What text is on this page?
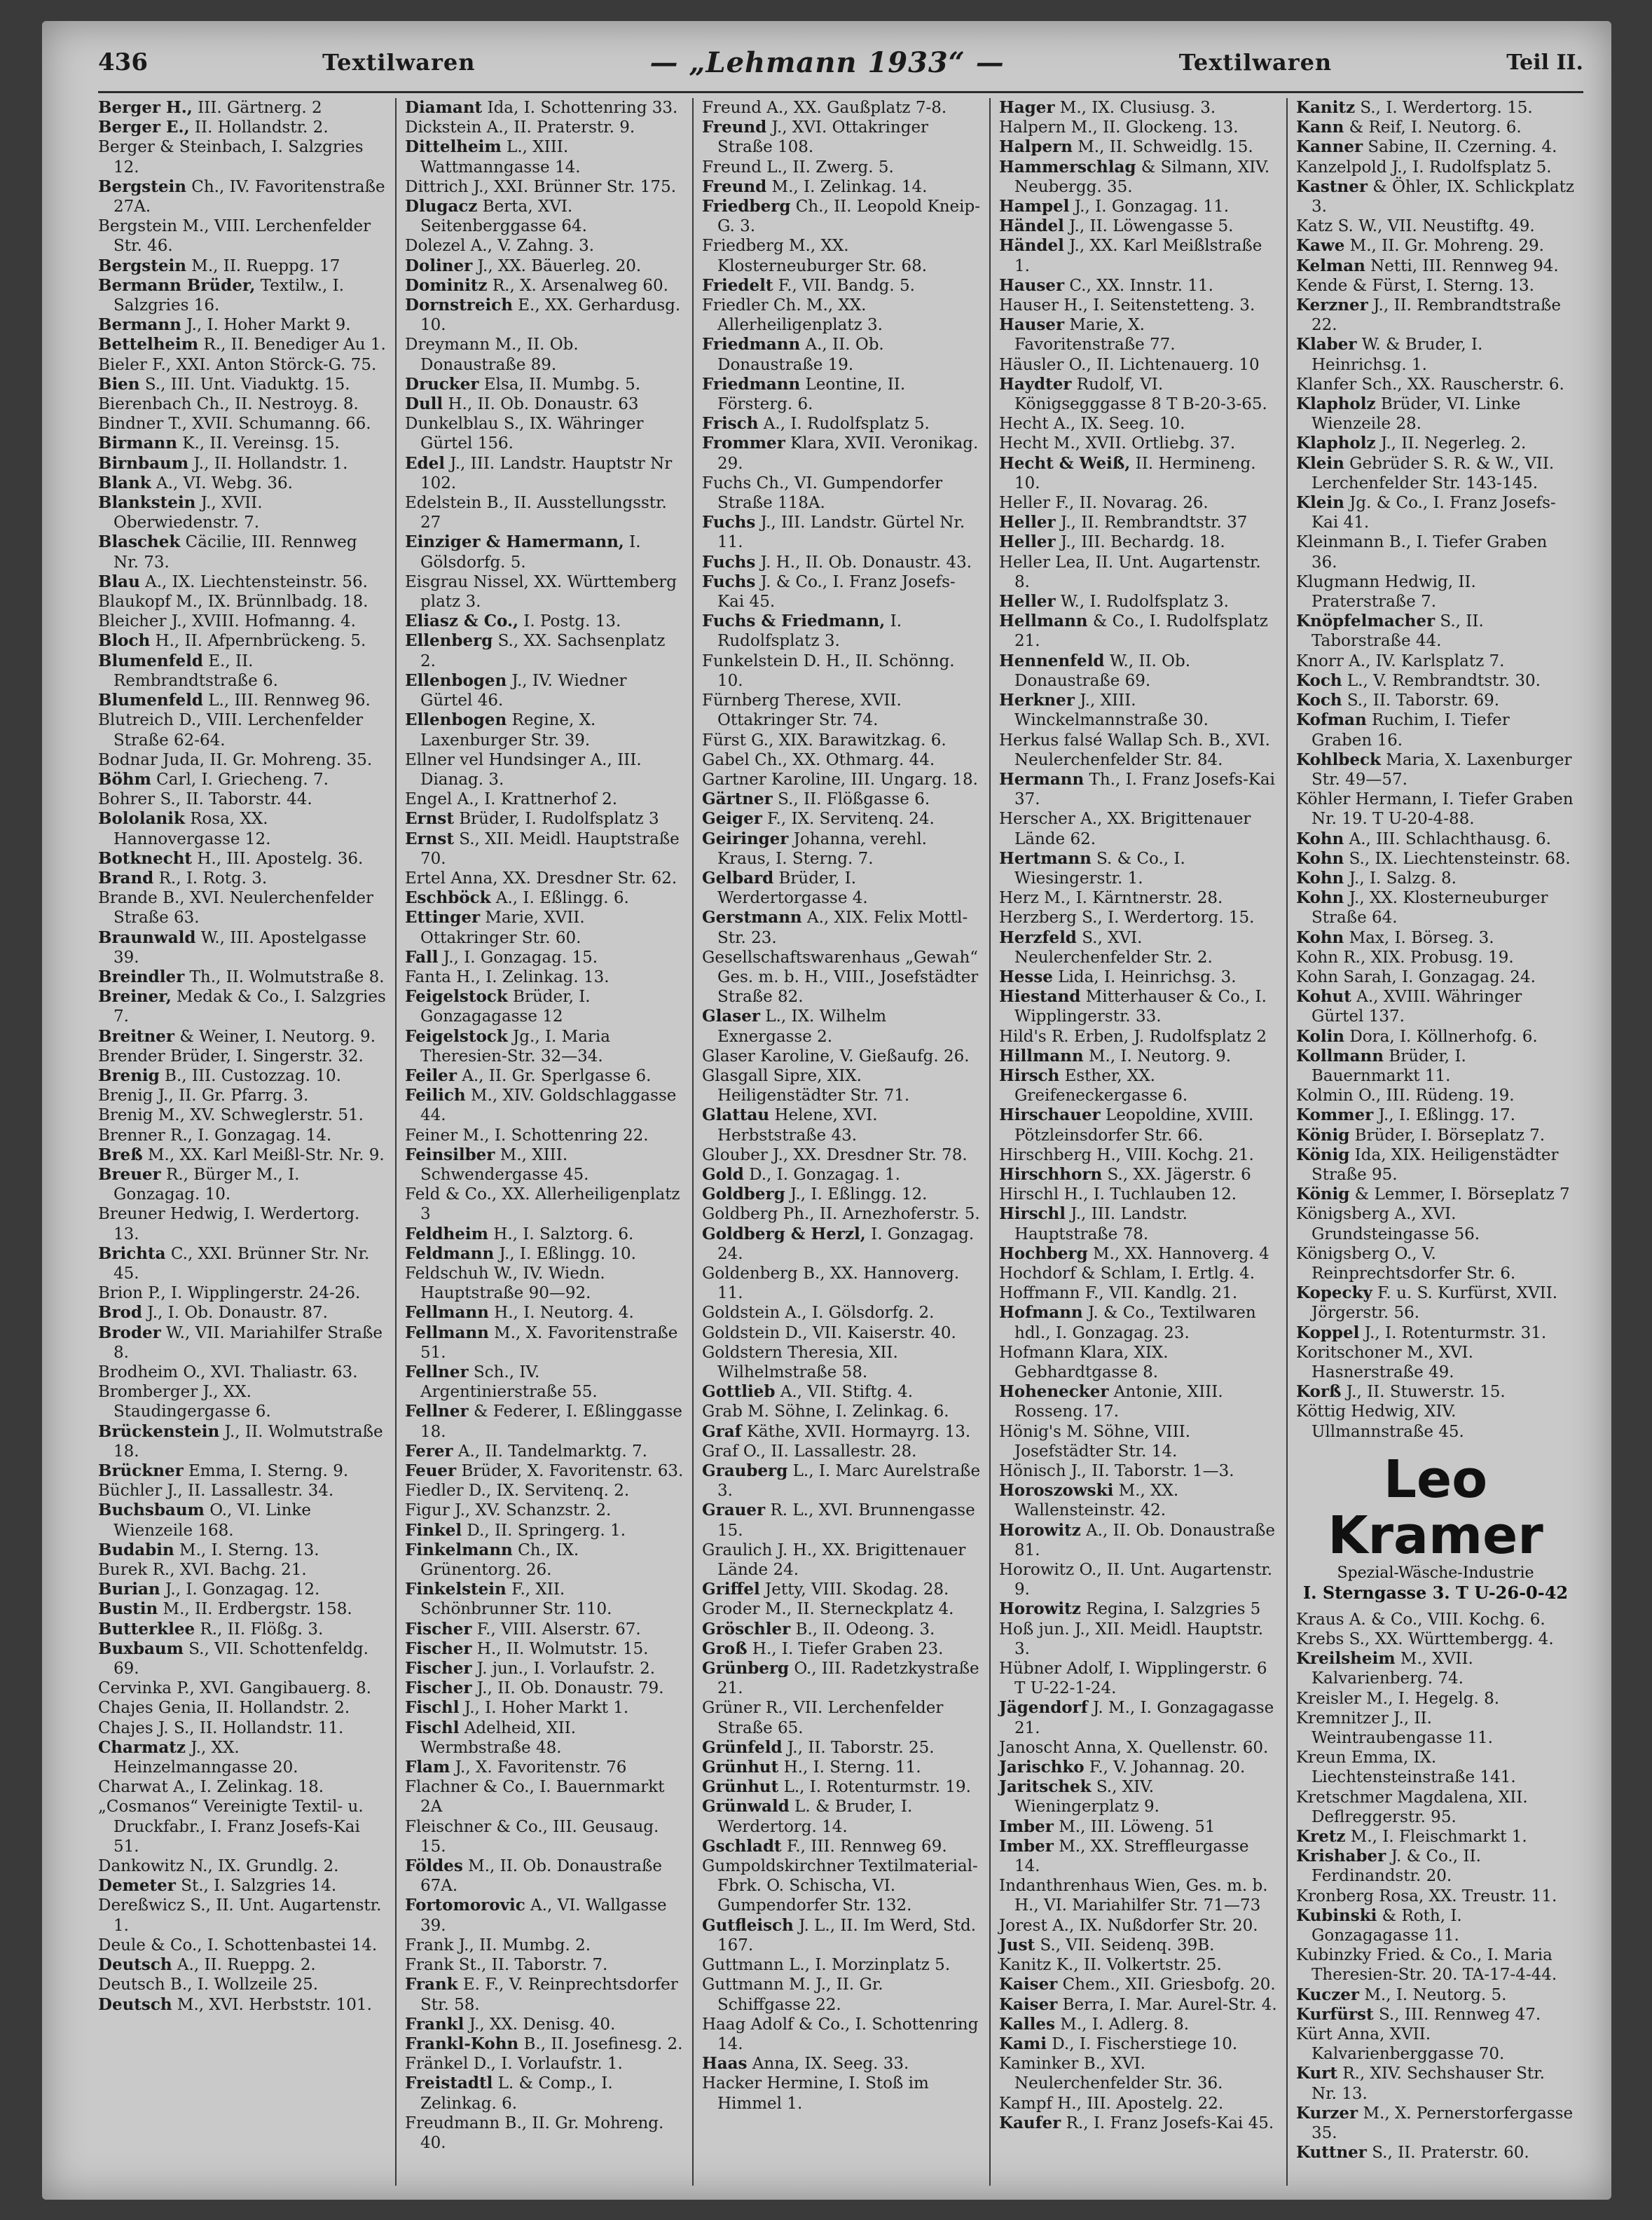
436	Textilwaren	— „Lehmann 1933“ —	Textilwaren	Teil II.
Berger H., III. Gärtnerg. 2
Berger E., II. Hollandstr. 2.
Berger & Steinbach, I. Salzgries 12.
Bergstein Ch., IV. Favoritenstraße 27A.
Bergstein M., VIII. Lerchenfelder Str. 46.
Bergstein M., II. Rueppg. 17
Bermann Brüder, Textilw., I. Salzgries 16.
Bermann J., I. Hoher Markt 9.
Bettelheim R., II. Benediger Au 1.
Bieler F., XXI. Anton Störck-G. 75.
Bien S., III. Unt. Viaduktg. 15.
Bierenbach Ch., II. Nestroyg. 8.
Bindner T., XVII. Schumanng. 66.
Birmann K., II. Vereinsg. 15.
Birnbaum J., II. Hollandstr. 1.
Blank A., VI. Webg. 36.
Blankstein J., XVII. Oberwiedenstr. 7.
Blaschek Cäcilie, III. Rennweg Nr. 73.
Blau A., IX. Liechtensteinstr. 56.
Blaukopf M., IX. Brünnlbadg. 18.
Bleicher J., XVIII. Hofmanng. 4.
Bloch H., II. Afpernbrückeng. 5.
Blumenfeld E., II. Rembrandtstraße 6.
Blumenfeld L., III. Rennweg 96.
Blutreich D., VIII. Lerchenfelder Straße 62-64.
Bodnar Juda, II. Gr. Mohreng. 35.
Böhm Carl, I. Griecheng. 7.
Bohrer S., II. Taborstr. 44.
Bololanik Rosa, XX. Hannovergasse 12.
Botknecht H., III. Apostelg. 36.
Brand R., I. Rotg. 3.
Brande B., XVI. Neulerchenfelder Straße 63.
Braunwald W., III. Apostelgasse 39.
Breindler Th., II. Wolmutstraße 8.
Breiner, Medak & Co., I. Salzgries 7.
Breitner & Weiner, I. Neutorg. 9.
Brender Brüder, I. Singerstr. 32.
Brenig B., III. Custozzag. 10.
Brenig J., II. Gr. Pfarrg. 3.
Brenig M., XV. Schweglerstr. 51.
Brenner R., I. Gonzagag. 14.
Breß M., XX. Karl Meißl-Str. Nr. 9.
Breuer R., Bürger M., I. Gonzagag. 10.
Breuner Hedwig, I. Werdertorg. 13.
Brichta C., XXI. Brünner Str. Nr. 45.
Brion P., I. Wipplingerstr. 24-26.
Brod J., I. Ob. Donaustr. 87.
Broder W., VII. Mariahilfer Straße 8.
Brodheim O., XVI. Thaliastr. 63.
Bromberger J., XX. Staudingergasse 6.
Brückenstein J., II. Wolmutstraße 18.
Brückner Emma, I. Sterng. 9.
Büchler J., II. Lassallestr. 34.
Buchsbaum O., VI. Linke Wienzeile 168.
Budabin M., I. Sterng. 13.
Burek R., XVI. Bachg. 21.
Burian J., I. Gonzagag. 12.
Bustin M., II. Erdbergstr. 158.
Butterklee R., II. Flößg. 3.
Buxbaum S., VII. Schottenfeldg. 69.
Cervinka P., XVI. Gangibauerg. 8.
Chajes Genia, II. Hollandstr. 2.
Chajes J. S., II. Hollandstr. 11.
Charmatz J., XX. Heinzelmanngasse 20.
Charwat A., I. Zelinkag. 18.
„Cosmanos“ Vereinigte Textil- u. Druckfabr., I. Franz Josefs-Kai 51.
Dankowitz N., IX. Grundlg. 2.
Demeter St., I. Salzgries 14.
Dereßwicz S., II. Unt. Augartenstr. 1.
Deule & Co., I. Schottenbastei 14.
Deutsch A., II. Rueppg. 2.
Deutsch B., I. Wollzeile 25.
Deutsch M., XVI. Herbststr. 101.
Diamant Ida, I. Schottenring 33.
Dickstein A., II. Praterstr. 9.
Dittelheim L., XIII. Wattmanngasse 14.
Dittrich J., XXI. Brünner Str. 175.
Dlugacz Berta, XVI. Seitenberggasse 64.
Dolezel A., V. Zahng. 3.
Doliner J., XX. Bäuerleg. 20.
Dominitz R., X. Arsenalweg 60.
Dornstreich E., XX. Gerhardusg. 10.
Dreymann M., II. Ob. Donaustraße 89.
Drucker Elsa, II. Mumbg. 5.
Dull H., II. Ob. Donaustr. 63
Dunkelblau S., IX. Währinger Gürtel 156.
Edel J., III. Landstr. Hauptstr Nr 102.
Edelstein B., II. Ausstellungsstr. 27
Einziger & Hamermann, I. Gölsdorfg. 5.
Eisgrau Nissel, XX. Württemberg platz 3.
Eliasz & Co., I. Postg. 13.
Ellenberg S., XX. Sachsenplatz 2.
Ellenbogen J., IV. Wiedner Gürtel 46.
Ellenbogen Regine, X. Laxenburger Str. 39.
Ellner vel Hundsinger A., III. Dianag. 3.
Engel A., I. Krattnerhof 2.
Ernst Brüder, I. Rudolfsplatz 3
Ernst S., XII. Meidl. Hauptstraße 70.
Ertel Anna, XX. Dresdner Str. 62.
Eschböck A., I. Eßlingg. 6.
Ettinger Marie, XVII. Ottakringer Str. 60.
Fall J., I. Gonzagag. 15.
Fanta H., I. Zelinkag. 13.
Feigelstock Brüder, I. Gonzagagasse 12
Feigelstock Jg., I. Maria Theresien-Str. 32—34.
Feiler A., II. Gr. Sperlgasse 6.
Feilich M., XIV. Goldschlaggasse 44.
Feiner M., I. Schottenring 22.
Feinsilber M., XIII. Schwendergasse 45.
Feld & Co., XX. Allerheiligenplatz 3
Feldheim H., I. Salztorg. 6.
Feldmann J., I. Eßlingg. 10.
Feldschuh W., IV. Wiedn. Hauptstraße 90—92.
Fellmann H., I. Neutorg. 4.
Fellmann M., X. Favoritenstraße 51.
Fellner Sch., IV. Argentinierstraße 55.
Fellner & Federer, I. Eßlinggasse 18.
Ferer A., II. Tandelmarktg. 7.
Feuer Brüder, X. Favoritenstr. 63.
Fiedler D., IX. Servitenq. 2.
Figur J., XV. Schanzstr. 2.
Finkel D., II. Springerg. 1.
Finkelmann Ch., IX. Grünentorg. 26.
Finkelstein F., XII. Schönbrunner Str. 110.
Fischer F., VIII. Alserstr. 67.
Fischer H., II. Wolmutstr. 15.
Fischer J. jun., I. Vorlaufstr. 2.
Fischer J., II. Ob. Donaustr. 79.
Fischl J., I. Hoher Markt 1.
Fischl Adelheid, XII. Wermbstraße 48.
Flam J., X. Favoritenstr. 76
Flachner & Co., I. Bauernmarkt 2A
Fleischner & Co., III. Geusaug. 15.
Földes M., II. Ob. Donaustraße 67A.
Fortomorovic A., VI. Wallgasse 39.
Frank J., II. Mumbg. 2.
Frank St., II. Taborstr. 7.
Frank E. F., V. Reinprechtsdorfer Str. 58.
Frankl J., XX. Denisg. 40.
Frankl-Kohn B., II. Josefinesg. 2.
Fränkel D., I. Vorlaufstr. 1.
Freistadtl L. & Comp., I. Zelinkag. 6.
Freudmann B., II. Gr. Mohreng. 40.
Freund A., XX. Gaußplatz 7-8.
Freund J., XVI. Ottakringer Straße 108.
Freund L., II. Zwerg. 5.
Freund M., I. Zelinkag. 14.
Friedberg Ch., II. Leopold Kneip-G. 3.
Friedberg M., XX. Klosterneuburger Str. 68.
Friedelt F., VII. Bandg. 5.
Friedler Ch. M., XX. Allerheiligenplatz 3.
Friedmann A., II. Ob. Donaustraße 19.
Friedmann Leontine, II. Försterg. 6.
Frisch A., I. Rudolfsplatz 5.
Frommer Klara, XVII. Veronikag. 29.
Fuchs Ch., VI. Gumpendorfer Straße 118A.
Fuchs J., III. Landstr. Gürtel Nr. 11.
Fuchs J. H., II. Ob. Donaustr. 43.
Fuchs J. & Co., I. Franz Josefs-Kai 45.
Fuchs & Friedmann, I. Rudolfsplatz 3.
Funkelstein D. H., II. Schönng. 10.
Fürnberg Therese, XVII. Ottakringer Str. 74.
Fürst G., XIX. Barawitzkag. 6.
Gabel Ch., XX. Othmarg. 44.
Gartner Karoline, III. Ungarg. 18.
Gärtner S., II. Flößgasse 6.
Geiger F., IX. Servitenq. 24.
Geiringer Johanna, verehl. Kraus, I. Sterng. 7.
Gelbard Brüder, I. Werdertorgasse 4.
Gerstmann A., XIX. Felix Mottl-Str. 23.
Gesellschaftswarenhaus „Gewah“ Ges. m. b. H., VIII., Josefstädter Straße 82.
Glaser L., IX. Wilhelm Exnergasse 2.
Glaser Karoline, V. Gießaufg. 26.
Glasgall Sipre, XIX. Heiligenstädter Str. 71.
Glattau Helene, XVI. Herbststraße 43.
Glouber J., XX. Dresdner Str. 78.
Gold D., I. Gonzagag. 1.
Goldberg J., I. Eßlingg. 12.
Goldberg Ph., II. Arnezhoferstr. 5.
Goldberg & Herzl, I. Gonzagag. 24.
Goldenberg B., XX. Hannoverg. 11.
Goldstein A., I. Gölsdorfg. 2.
Goldstein D., VII. Kaiserstr. 40.
Goldstern Theresia, XII. Wilhelmstraße 58.
Gottlieb A., VII. Stiftg. 4.
Grab M. Söhne, I. Zelinkag. 6.
Graf Käthe, XVII. Hormayrg. 13.
Graf O., II. Lassallestr. 28.
Grauberg L., I. Marc Aurelstraße 3.
Grauer R. L., XVI. Brunnengasse 15.
Graulich J. H., XX. Brigittenauer Lände 24.
Griffel Jetty, VIII. Skodag. 28.
Groder M., II. Sterneckplatz 4.
Gröschler B., II. Odeong. 3.
Groß H., I. Tiefer Graben 23.
Grünberg O., III. Radetzkystraße 21.
Grüner R., VII. Lerchenfelder Straße 65.
Grünfeld J., II. Taborstr. 25.
Grünhut H., I. Sterng. 11.
Grünhut L., I. Rotenturmstr. 19.
Grünwald L. & Bruder, I. Werdertorg. 14.
Gschladt F., III. Rennweg 69.
Gumpoldskirchner Textilmaterial-Fbrk. O. Schischa, VI. Gumpendorfer Str. 132.
Gutfleisch J. L., II. Im Werd, Std. 167.
Guttmann L., I. Morzinplatz 5.
Guttmann M. J., II. Gr. Schiffgasse 22.
Haag Adolf & Co., I. Schottenring 14.
Haas Anna, IX. Seeg. 33.
Hacker Hermine, I. Stoß im Himmel 1.
Hager M., IX. Clusiusg. 3.
Halpern M., II. Glockeng. 13.
Halpern M., II. Schweidlg. 15.
Hammerschlag & Silmann, XIV. Neubergg. 35.
Hampel J., I. Gonzagag. 11.
Händel J., II. Löwengasse 5.
Händel J., XX. Karl Meißlstraße 1.
Hauser C., XX. Innstr. 11.
Hauser H., I. Seitenstetteng. 3.
Hauser Marie, X. Favoritenstraße 77.
Häusler O., II. Lichtenauerg. 10
Haydter Rudolf, VI. Königsegggasse 8 T B-20-3-65.
Hecht A., IX. Seeg. 10.
Hecht M., XVII. Ortliebg. 37.
Hecht & Weiß, II. Hermineng. 10.
Heller F., II. Novarag. 26.
Heller J., II. Rembrandtstr. 37
Heller J., III. Bechardg. 18.
Heller Lea, II. Unt. Augartenstr. 8.
Heller W., I. Rudolfsplatz 3.
Hellmann & Co., I. Rudolfsplatz 21.
Hennenfeld W., II. Ob. Donaustraße 69.
Herkner J., XIII. Winckelmannstraße 30.
Herkus falsé Wallap Sch. B., XVI. Neulerchenfelder Str. 84.
Hermann Th., I. Franz Josefs-Kai 37.
Herscher A., XX. Brigittenauer Lände 62.
Hertmann S. & Co., I. Wiesingerstr. 1.
Herz M., I. Kärntnerstr. 28.
Herzberg S., I. Werdertorg. 15.
Herzfeld S., XVI. Neulerchenfelder Str. 2.
Hesse Lida, I. Heinrichsg. 3.
Hiestand Mitterhauser & Co., I. Wipplingerstr. 33.
Hild's R. Erben, J. Rudolfsplatz 2
Hillmann M., I. Neutorg. 9.
Hirsch Esther, XX. Greifeneckergasse 6.
Hirschauer Leopoldine, XVIII. Pötzleinsdorfer Str. 66.
Hirschberg H., VIII. Kochg. 21.
Hirschhorn S., XX. Jägerstr. 6
Hirschl H., I. Tuchlauben 12.
Hirschl J., III. Landstr. Hauptstraße 78.
Hochberg M., XX. Hannoverg. 4
Hochdorf & Schlam, I. Ertlg. 4.
Hoffmann F., VII. Kandlg. 21.
Hofmann J. & Co., Textilwaren hdl., I. Gonzagag. 23.
Hofmann Klara, XIX. Gebhardtgasse 8.
Hohenecker Antonie, XIII. Rosseng. 17.
Hönig's M. Söhne, VIII. Josefstädter Str. 14.
Hönisch J., II. Taborstr. 1—3.
Horoszowski M., XX. Wallensteinstr. 42.
Horowitz A., II. Ob. Donaustraße 81.
Horowitz O., II. Unt. Augartenstr. 9.
Horowitz Regina, I. Salzgries 5
Hoß jun. J., XII. Meidl. Hauptstr. 3.
Hübner Adolf, I. Wipplingerstr. 6 T U-22-1-24.
Jägendorf J. M., I. Gonzagagasse 21.
Janoscht Anna, X. Quellenstr. 60.
Jarischko F., V. Johannag. 20.
Jaritschek S., XIV. Wieningerplatz 9.
Imber M., III. Löweng. 51
Imber M., XX. Streffleurgasse 14.
Indanthrenhaus Wien, Ges. m. b. H., VI. Mariahilfer Str. 71—73
Jorest A., IX. Nußdorfer Str. 20.
Just S., VII. Seidenq. 39B.
Kanitz K., II. Volkertstr. 25.
Kaiser Chem., XII. Griesbofg. 20.
Kaiser Berra, I. Mar. Aurel-Str. 4.
Kalles M., I. Adlerg. 8.
Kami D., I. Fischerstiege 10.
Kaminker B., XVI. Neulerchenfelder Str. 36.
Kampf H., III. Apostelg. 22.
Kaufer R., I. Franz Josefs-Kai 45.
Kanitz S., I. Werdertorg. 15.
Kann & Reif, I. Neutorg. 6.
Kanner Sabine, II. Czerning. 4.
Kanzelpold J., I. Rudolfsplatz 5.
Kastner & Öhler, IX. Schlickplatz 3.
Katz S. W., VII. Neustiftg. 49.
Kawe M., II. Gr. Mohreng. 29.
Kelman Netti, III. Rennweg 94.
Kende & Fürst, I. Sterng. 13.
Kerzner J., II. Rembrandtstraße 22.
Klaber W. & Bruder, I. Heinrichsg. 1.
Klanfer Sch., XX. Rauscherstr. 6.
Klapholz Brüder, VI. Linke Wienzeile 28.
Klapholz J., II. Negerleg. 2.
Klein Gebrüder S. R. & W., VII. Lerchenfelder Str. 143-145.
Klein Jg. & Co., I. Franz Josefs-Kai 41.
Kleinmann B., I. Tiefer Graben 36.
Klugmann Hedwig, II. Praterstraße 7.
Knöpfelmacher S., II. Taborstraße 44.
Knorr A., IV. Karlsplatz 7.
Koch L., V. Rembrandtstr. 30.
Koch S., II. Taborstr. 69.
Kofman Ruchim, I. Tiefer Graben 16.
Kohlbeck Maria, X. Laxenburger Str. 49—57.
Köhler Hermann, I. Tiefer Graben Nr. 19. T U-20-4-88.
Kohn A., III. Schlachthausg. 6.
Kohn S., IX. Liechtensteinstr. 68.
Kohn J., I. Salzg. 8.
Kohn J., XX. Klosterneuburger Straße 64.
Kohn Max, I. Börseg. 3.
Kohn R., XIX. Probusg. 19.
Kohn Sarah, I. Gonzagag. 24.
Kohut A., XVIII. Währinger Gürtel 137.
Kolin Dora, I. Köllnerhofg. 6.
Kollmann Brüder, I. Bauernmarkt 11.
Kolmin O., III. Rüdeng. 19.
Kommer J., I. Eßlingg. 17.
König Brüder, I. Börseplatz 7.
König Ida, XIX. Heiligenstädter Straße 95.
König & Lemmer, I. Börseplatz 7
Königsberg A., XVI. Grundsteingasse 56.
Königsberg O., V. Reinprechtsdorfer Str. 6.
Kopecky F. u. S. Kurfürst, XVII. Jörgerstr. 56.
Koppel J., I. Rotenturmstr. 31.
Koritschoner M., XVI. Hasnerstraße 49.
Korß J., II. Stuwerstr. 15.
Köttig Hedwig, XIV. Ullmannstraße 45.
Leo Kramer
Spezial-Wäsche-Industrie
I. Sterngasse 3. T U-26-0-42
Kraus A. & Co., VIII. Kochg. 6.
Krebs S., XX. Württembergg. 4.
Kreilsheim M., XVII. Kalvarienberg. 74.
Kreisler M., I. Hegelg. 8.
Kremnitzer J., II. Weintraubengasse 11.
Kreun Emma, IX. Liechtensteinstraße 141.
Kretschmer Magdalena, XII. Deflreggerstr. 95.
Kretz M., I. Fleischmarkt 1.
Krishaber J. & Co., II. Ferdinandstr. 20.
Kronberg Rosa, XX. Treustr. 11.
Kubinski & Roth, I. Gonzagagasse 11.
Kubinzky Fried. & Co., I. Maria Theresien-Str. 20. TA-17-4-44.
Kuczer M., I. Neutorg. 5.
Kurfürst S., III. Rennweg 47.
Kürt Anna, XVII. Kalvarienberggasse 70.
Kurt R., XIV. Sechshauser Str. Nr. 13.
Kurzer M., X. Pernerstorfergasse 35.
Kuttner S., II. Praterstr. 60.
